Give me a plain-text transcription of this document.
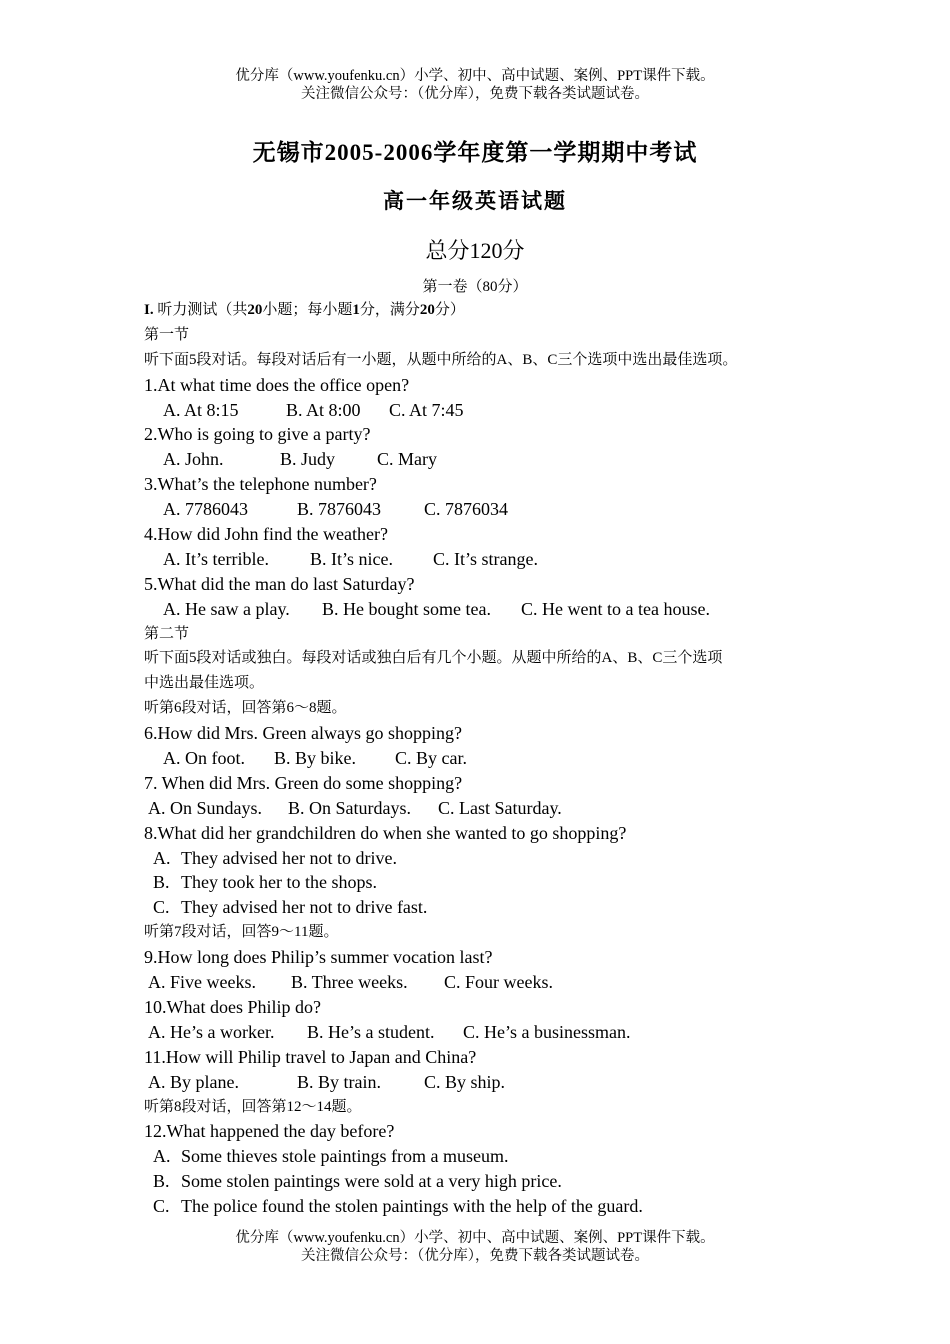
优分库（www.youfenku.cn）小学、初中、高中试题、案例、PPT课件下载。
关注微信公众号：（优分库），免费下载各类试题试卷。
无锡市2005-2006学年度第一学期期中考试
高一年级英语试题
总分120分
第一卷（80分）
I. 听力测试（共20小题；每小题1分，满分20分）
第一节
听下面5段对话。每段对话后有一小题，从题中所给的A、B、C三个选项中选出最佳选项。
1.At what time does the office open?
A. At 8:15	B. At 8:00 C. At 7:45
2.Who is going to give a party?
A. John.	B. Judy C. Mary
3.What’s the telephone number?
A. 7786043	B. 7876043 C. 7876034
4.How did John find the weather?
A. It’s terrible. B. It’s nice. C. It’s strange.
5.What did the man do last Saturday?
A. He saw a play. B. He bought some tea. C. He went to a tea house.
第二节
听下面5段对话或独白。每段对话或独白后有几个小题。从题中所给的A、B、C三个选项
中选出最佳选项。
听第6段对话，回答第6～8题。
6.How did Mrs. Green always go shopping?
A. On foot. B. By bike. C. By car.
7. When did Mrs. Green do some shopping?
A. On Sundays. B. On Saturdays. C. Last Saturday.
8.What did her grandchildren do when she wanted to go shopping?
A. They advised her not to drive.
B. They took her to the shops.
C. They advised her not to drive fast.
听第7段对话，回答9～11题。
9.How long does Philip’s summer vocation last?
A. Five weeks. B. Three weeks. C. Four weeks.
10.What does Philip do?
A. He’s a worker. B. He’s a student. C. He’s a businessman.
11.How will Philip travel to Japan and China?
A. By plane.	B. By train. C. By ship.
听第8段对话，回答第12～14题。
12.What happened the day before?
A. Some thieves stole paintings from a museum.
B. Some stolen paintings were sold at a very high price.
C. The police found the stolen paintings with the help of the guard.
优分库（www.youfenku.cn）小学、初中、高中试题、案例、PPT课件下载。
关注微信公众号：（优分库），免费下载各类试题试卷。
